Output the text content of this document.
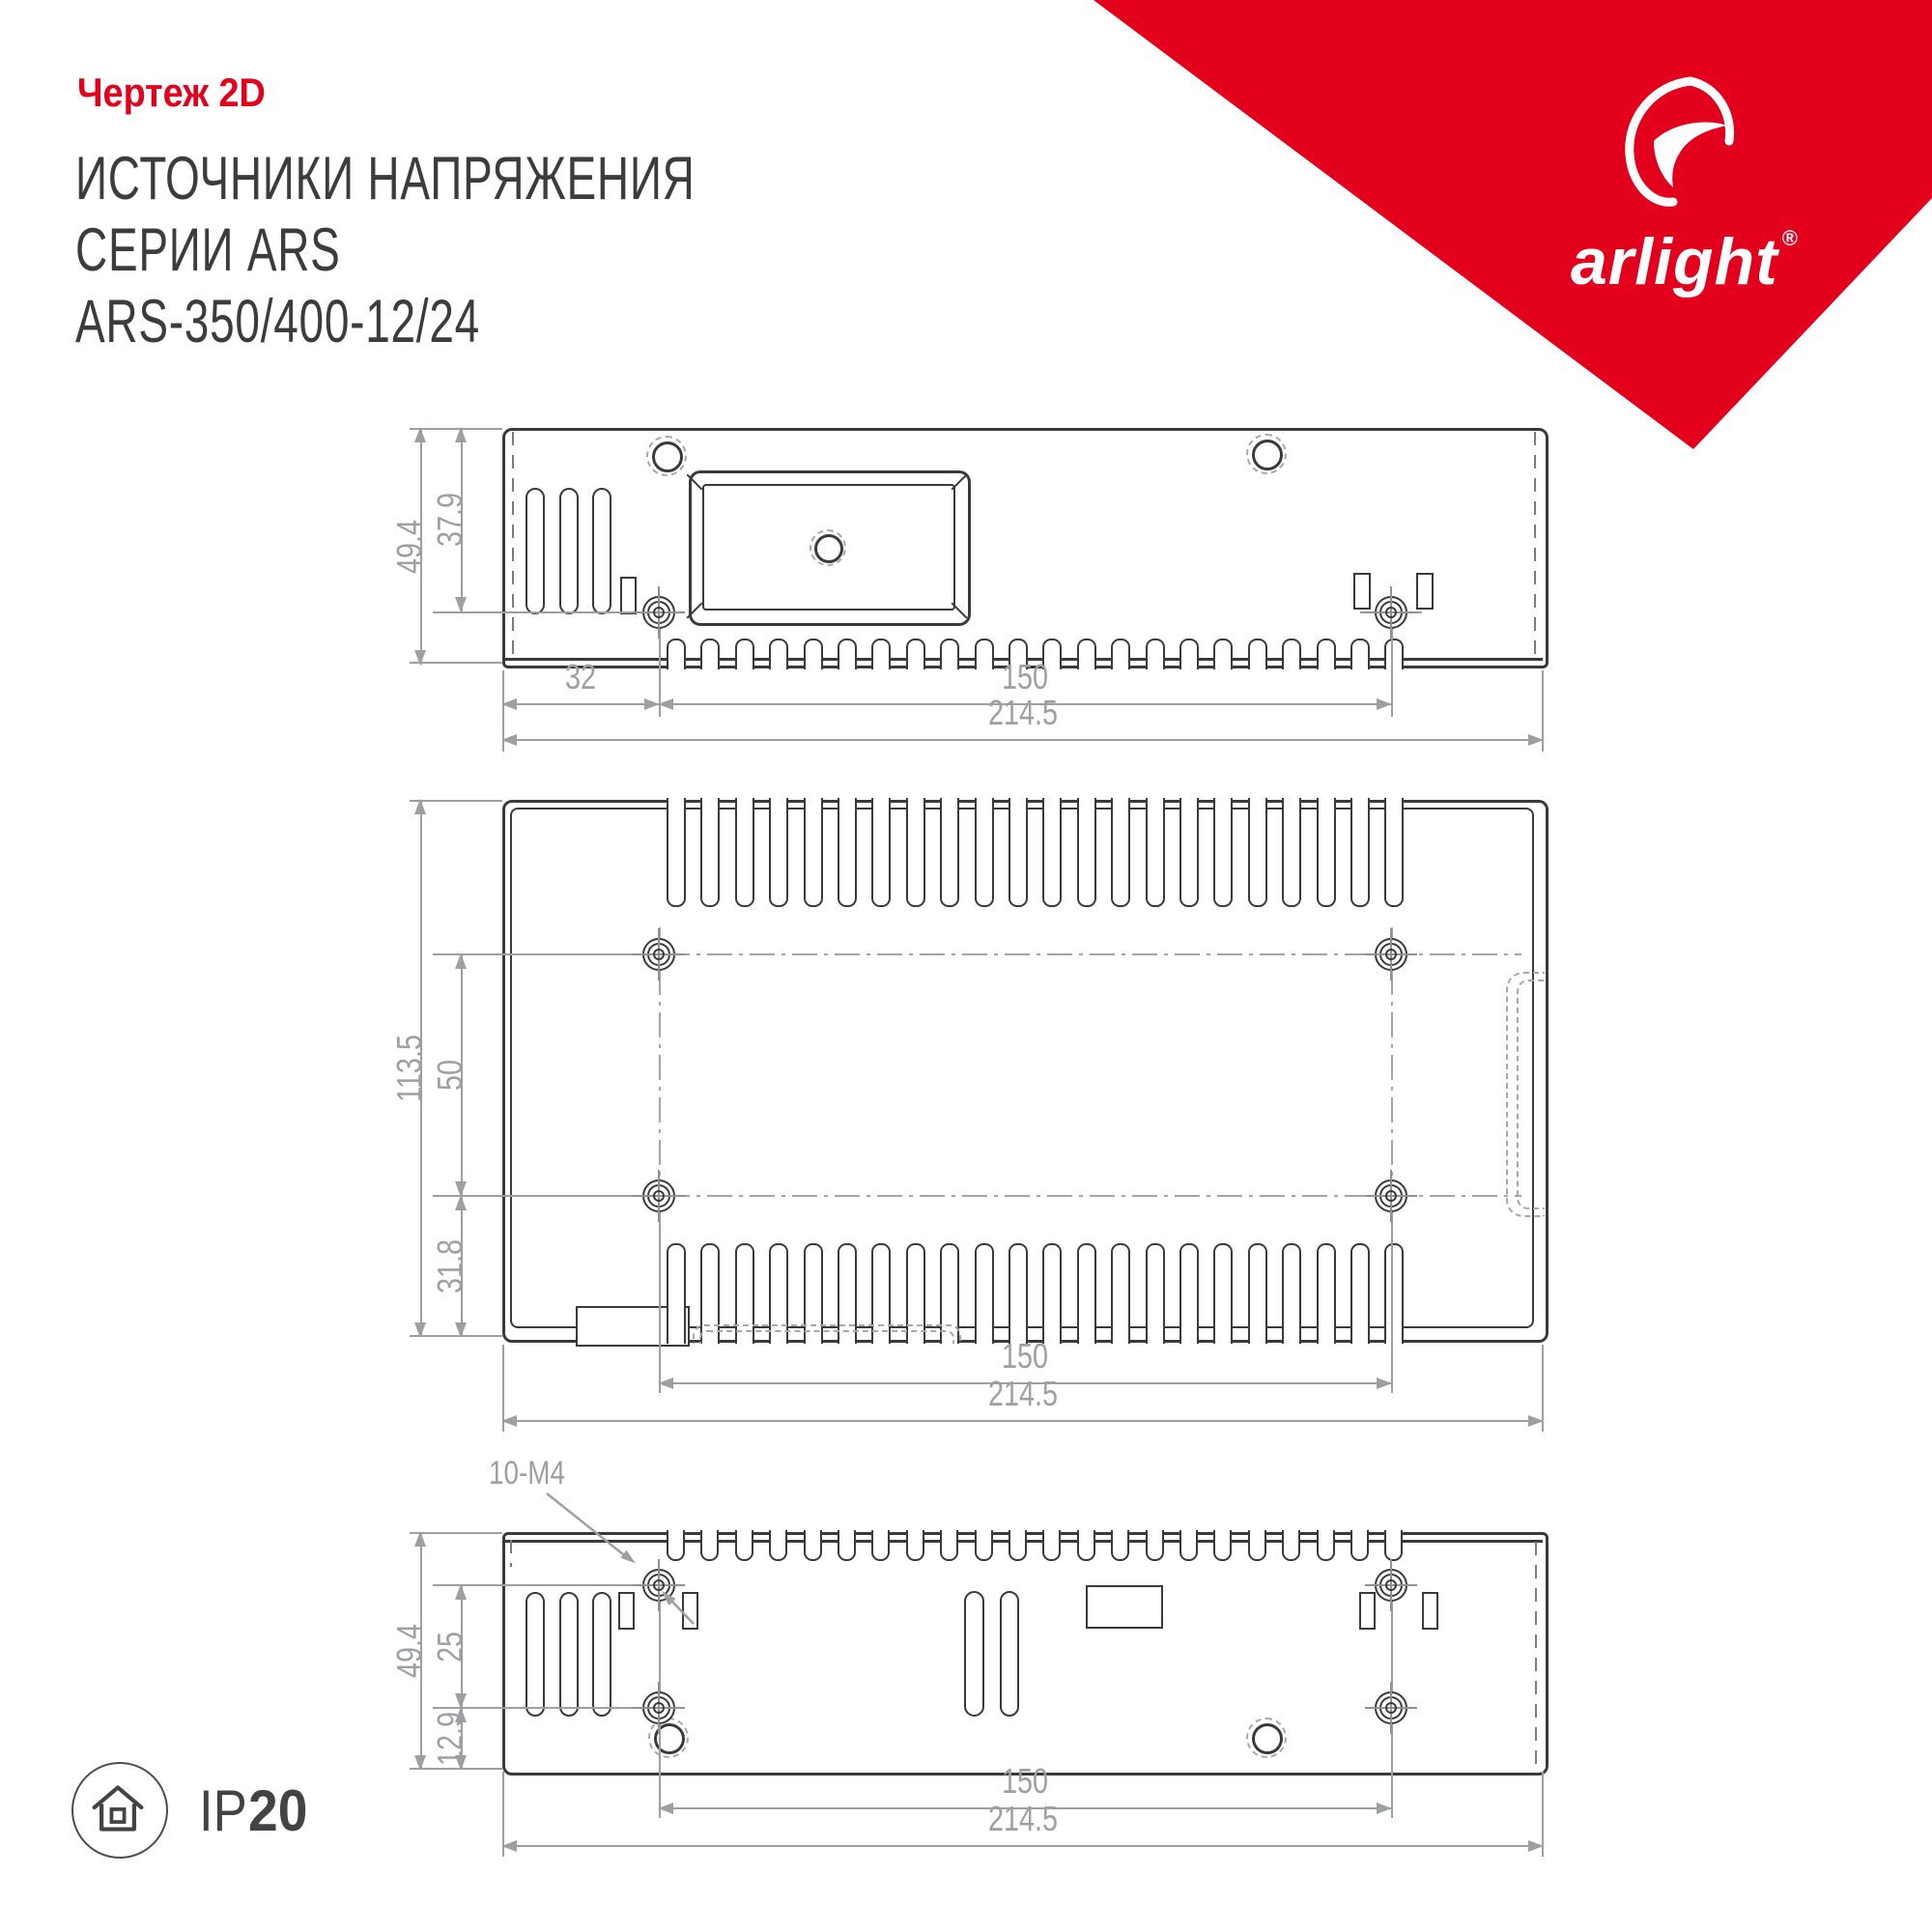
Чертеж 2D
ИСТОЧНИКИ НАПРЯЖЕНИЯ
СЕРИИ ARS
ARS-350/400-12/24
arlight ®
49.4 37.9
32	150
214.5
113.5 50
31.8
150
214.5
10-M4
49.4 25
12.9
150
214.5
IP20
